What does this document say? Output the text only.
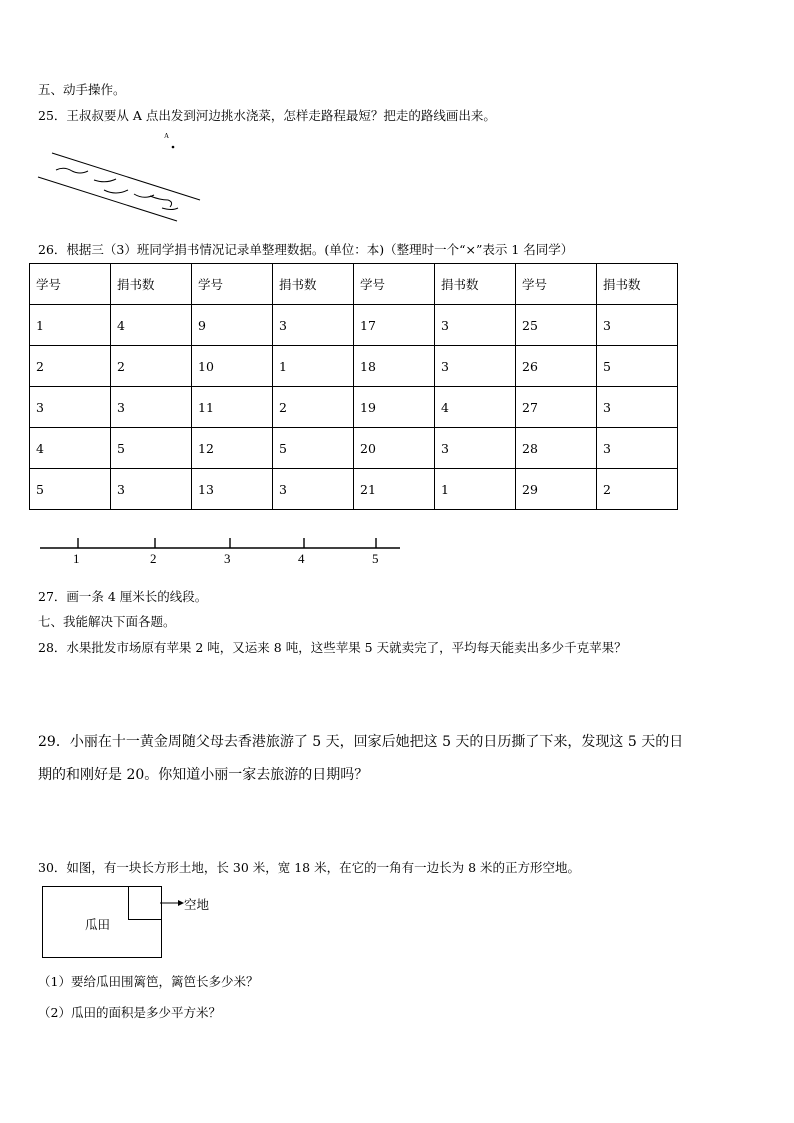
五、动手操作。
25．王叔叔要从 A 点出发到河边挑水浇菜，怎样走路程最短？把走的路线画出来。
A
26．根据三（3）班同学捐书情况记录单整理数据。(单位：本)（整理时一个“×”表示 1 名同学）
学号	捐书数	学号	捐书数	学号	捐书数	学号	捐书数
1	4	9	3	17	3	25	3
2	2	10	1	18	3	26	5
3	3	11	2	19	4	27	3
4	5	12	5	20	3	28	3
5	3	13	3	21	1	29	2
1	2	3	4	5
27．画一条 4 厘米长的线段。
七、我能解决下面各题。
28．水果批发市场原有苹果 2 吨，又运来 8 吨，这些苹果 5 天就卖完了，平均每天能卖出多少千克苹果？
29．小丽在十一黄金周随父母去香港旅游了 5 天，回家后她把这 5 天的日历撕了下来，发现这 5 天的日
期的和刚好是 20。你知道小丽一家去旅游的日期吗？
30．如图，有一块长方形土地，长 30 米，宽 18 米，在它的一角有一边长为 8 米的正方形空地。
瓜田
空地
（1）要给瓜田围篱笆，篱笆长多少米？
（2）瓜田的面积是多少平方米？
